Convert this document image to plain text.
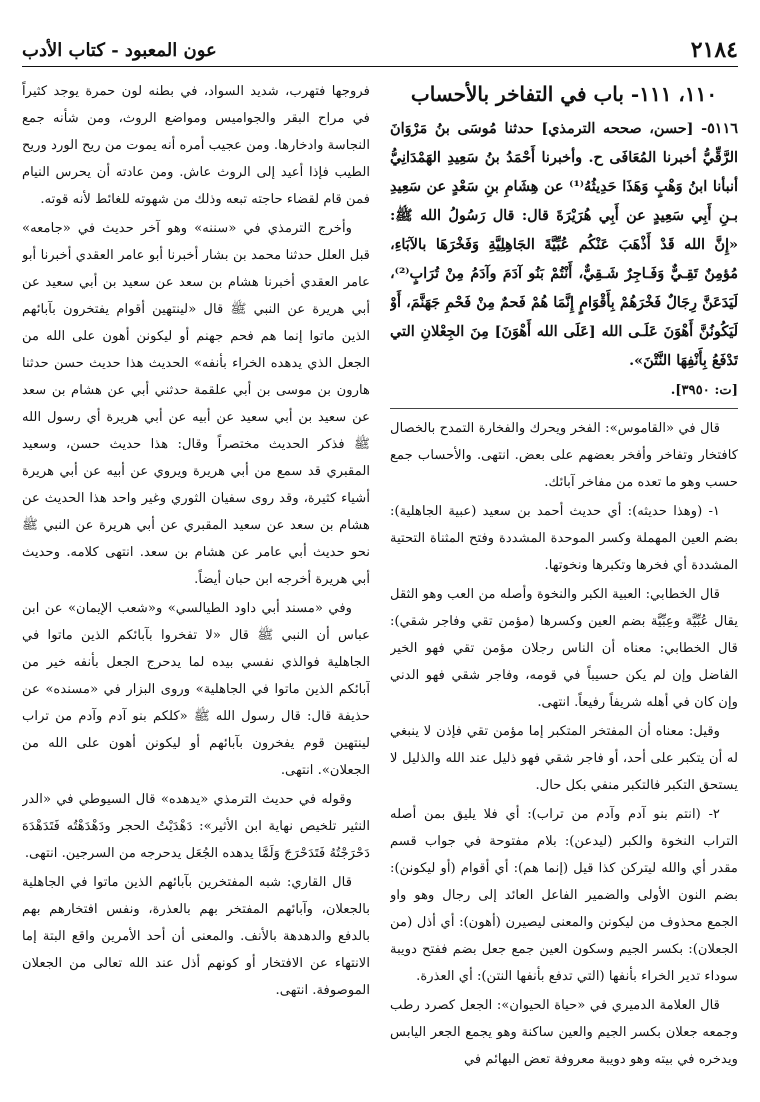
٢١٨٤
عون المعبود - كتاب الأدب
١١٠، ١١١- باب في التفاخر بالأحساب

٥١١٦- [حسن، صححه الترمذي] حدثنا مُوسَى بنُ مَرْوَانَ الرَّقِّيُّ أخبرنا المُعَافَى ح. وأخبرنا أَحْمَدُ بنُ سَعِيدِ الهَمْدَانِيُّ أنبأنا ابنُ وَهْبٍ وَهَذَا حَدِيثُهُ⁽¹⁾ عن هِشَامِ بنِ سَعْدٍ عن سَعِيدِ بـنِ أَبِي سَعِيدٍ عن أَبِي هُرَيْرَةَ قال: قال رَسُولُ الله ﷺ: «إِنَّ الله قَدْ أَذْهَبَ عَنْكُم عُبِّيَّةَ الجَاهِلِيَّةِ وَفَخْرَهَا بالآبَاءِ، مُؤمِنٌ تَقِـيٌّ وَفَـاجِرٌ شَـقِيٌّ، أَنْتُمْ بَنُو آدَمَ وآدَمُ مِنْ تُرَابٍ⁽²⁾، لَيَدَعَنَّ رِجَالٌ فَخْرَهُمْ بِأَقْوَامٍ إِنَّمَا هُمْ فَحمٌ مِنْ فَحْمِ جَهَنَّمَ، أَوْ لَيَكُونُنَّ أَهْوَنَ عَلَـى الله [عَلَى الله أَهْوَنَ] مِنَ الجِعْلانِ التي تَدْفَعُ بِأَنْفِهَا النَّتْنَ».

[ت: ٣٩٥٠].

قال في «القاموس»: الفخر ويحرك والفخارة التمدح بالخصال كافتخار وتفاخر وأفخر بعضهم على بعض. انتهى. والأحساب جمع حسب وهو ما تعده من مفاخر آبائك.

١- (وهذا حديثه): أي حديث أحمد بن سعيد (عبية الجاهلية): بضم العين المهملة وكسر الموحدة المشددة وفتح المثناة التحتية المشددة أي فخرها وتكبرها ونخوتها.

قال الخطابي: العبية الكبر والنخوة وأصله من العب وهو الثقل يقال عُبِّيَّة وعِبِّيَّة بضم العين وكسرها (مؤمن تقي وفاجر شقي): قال الخطابي: معناه أن الناس رجلان مؤمن تقي فهو الخير الفاضل وإن لم يكن حسيباً في قومه، وفاجر شقي فهو الدني وإن كان في أهله شريفاً رفيعاً. انتهى.

وقيل: معناه أن المفتخر المتكبر إما مؤمن تقي فإذن لا ينبغي له أن يتكبر على أحد، أو فاجر شقي فهو ذليل عند الله والذليل لا يستحق التكبر فالتكبر منفي بكل حال.

٢- (انتم بنو آدم وآدم من تراب): أي فلا يليق بمن أصله التراب النخوة والكبر (ليدعن): بلام مفتوحة في جواب قسم مقدر أي والله ليتركن كذا قيل (إنما هم): أي أقوام (أو ليكونن): بضم النون الأولى والضمير الفاعل العائد إلى رجال وهو واو الجمع محذوف من ليكونن والمعنى ليصيرن (أهون): أي أذل (من الجعلان): بكسر الجيم وسكون العين جمع جعل بضم ففتح دويبة سوداء تدير الخراء بأنفها (التي تدفع بأنفها النتن): أي العذرة.

قال العلامة الدميري في «حياة الحيوان»: الجعل كصرد رطب وجمعه جعلان بكسر الجيم والعين ساكنة وهو يجمع الجعر اليابس ويدخره في بيته وهو دويبة معروفة تعض البهائم في

فروجها فتهرب، شديد السواد، في بطنه لون حمرة يوجد كثيراً في مراح البقر والجواميس ومواضع الروث، ومن شأنه جمع النجاسة وادخارها. ومن عجيب أمره أنه يموت من ريح الورد وريح الطيب فإذا أعيد إلى الروث عاش. ومن عادته أن يحرس النيام فمن قام لقضاء حاجته تبعه وذلك من شهوته للغائط لأنه قوته.

وأخرج الترمذي في «سننه» وهو آخر حديث في «جامعه» قبل العلل حدثنا محمد بن بشار أخبرنا أبو عامر العقدي أخبرنا أبو عامر العقدي أخبرنا هشام بن سعد عن سعيد بن أبي سعيد عن أبي هريرة عن النبي ﷺ قال «لينتهين أقوام يفتخرون بآبائهم الذين ماتوا إنما هم فحم جهنم أو ليكونن أهون على الله من الجعل الذي يدهده الخراء بأنفه» الحديث هذا حديث حسن حدثنا هارون بن موسى بن أبي علقمة حدثني أبي عن هشام بن سعد عن سعيد بن أبي سعيد عن أبيه عن أبي هريرة أي رسول الله ﷺ فذكر الحديث مختصراً وقال: هذا حديث حسن، وسعيد المقبري قد سمع من أبي هريرة ويروي عن أبيه عن أبي هريرة أشياء كثيرة، وقد روى سفيان الثوري وغير واحد هذا الحديث عن هشام بن سعد عن سعيد المقبري عن أبي هريرة عن النبي ﷺ نحو حديث أبي عامر عن هشام بن سعد. انتهى كلامه. وحديث أبي هريرة أخرجه ابن حبان أيضاً.

وفي «مسند أبي داود الطيالسي» و«شعب الإيمان» عن ابن عباس أن النبي ﷺ قال «لا تفخروا بآبائكم الذين ماتوا في الجاهلية فوالذي نفسي بيده لما يدحرج الجعل بأنفه خير من آبائكم الذين ماتوا في الجاهلية» وروى البزار في «مسنده» عن حذيفة قال: قال رسول الله ﷺ «كلكم بنو آدم وآدم من تراب لينتهين قوم يفخرون بآبائهم أو ليكونن أهون على الله من الجعلان». انتهى.

وقوله في حديث الترمذي «يدهده» قال السيوطي في «الدر النثير تلخيص نهاية ابن الأثير»: دَهْدَيْتُ الحجر ودَهْدَهْتُه فَتَدَهْدَهَ دَحْرَجْتُهُ فَتَدَحْرَجَ وَلَمَّا يدهده الجُعَل يدحرجه من السرجين. انتهى.

قال القاري: شبه المفتخرين بآبائهم الذين ماتوا في الجاهلية بالجعلان، وآبائهم المفتخر بهم بالعذرة، ونفس افتخارهم بهم بالدفع والدهدهة بالأنف. والمعنى أن أحد الأمرين واقع البتة إما الانتهاء عن الافتخار أو كونهم أذل عند الله تعالى من الجعلان الموصوفة. انتهى.
